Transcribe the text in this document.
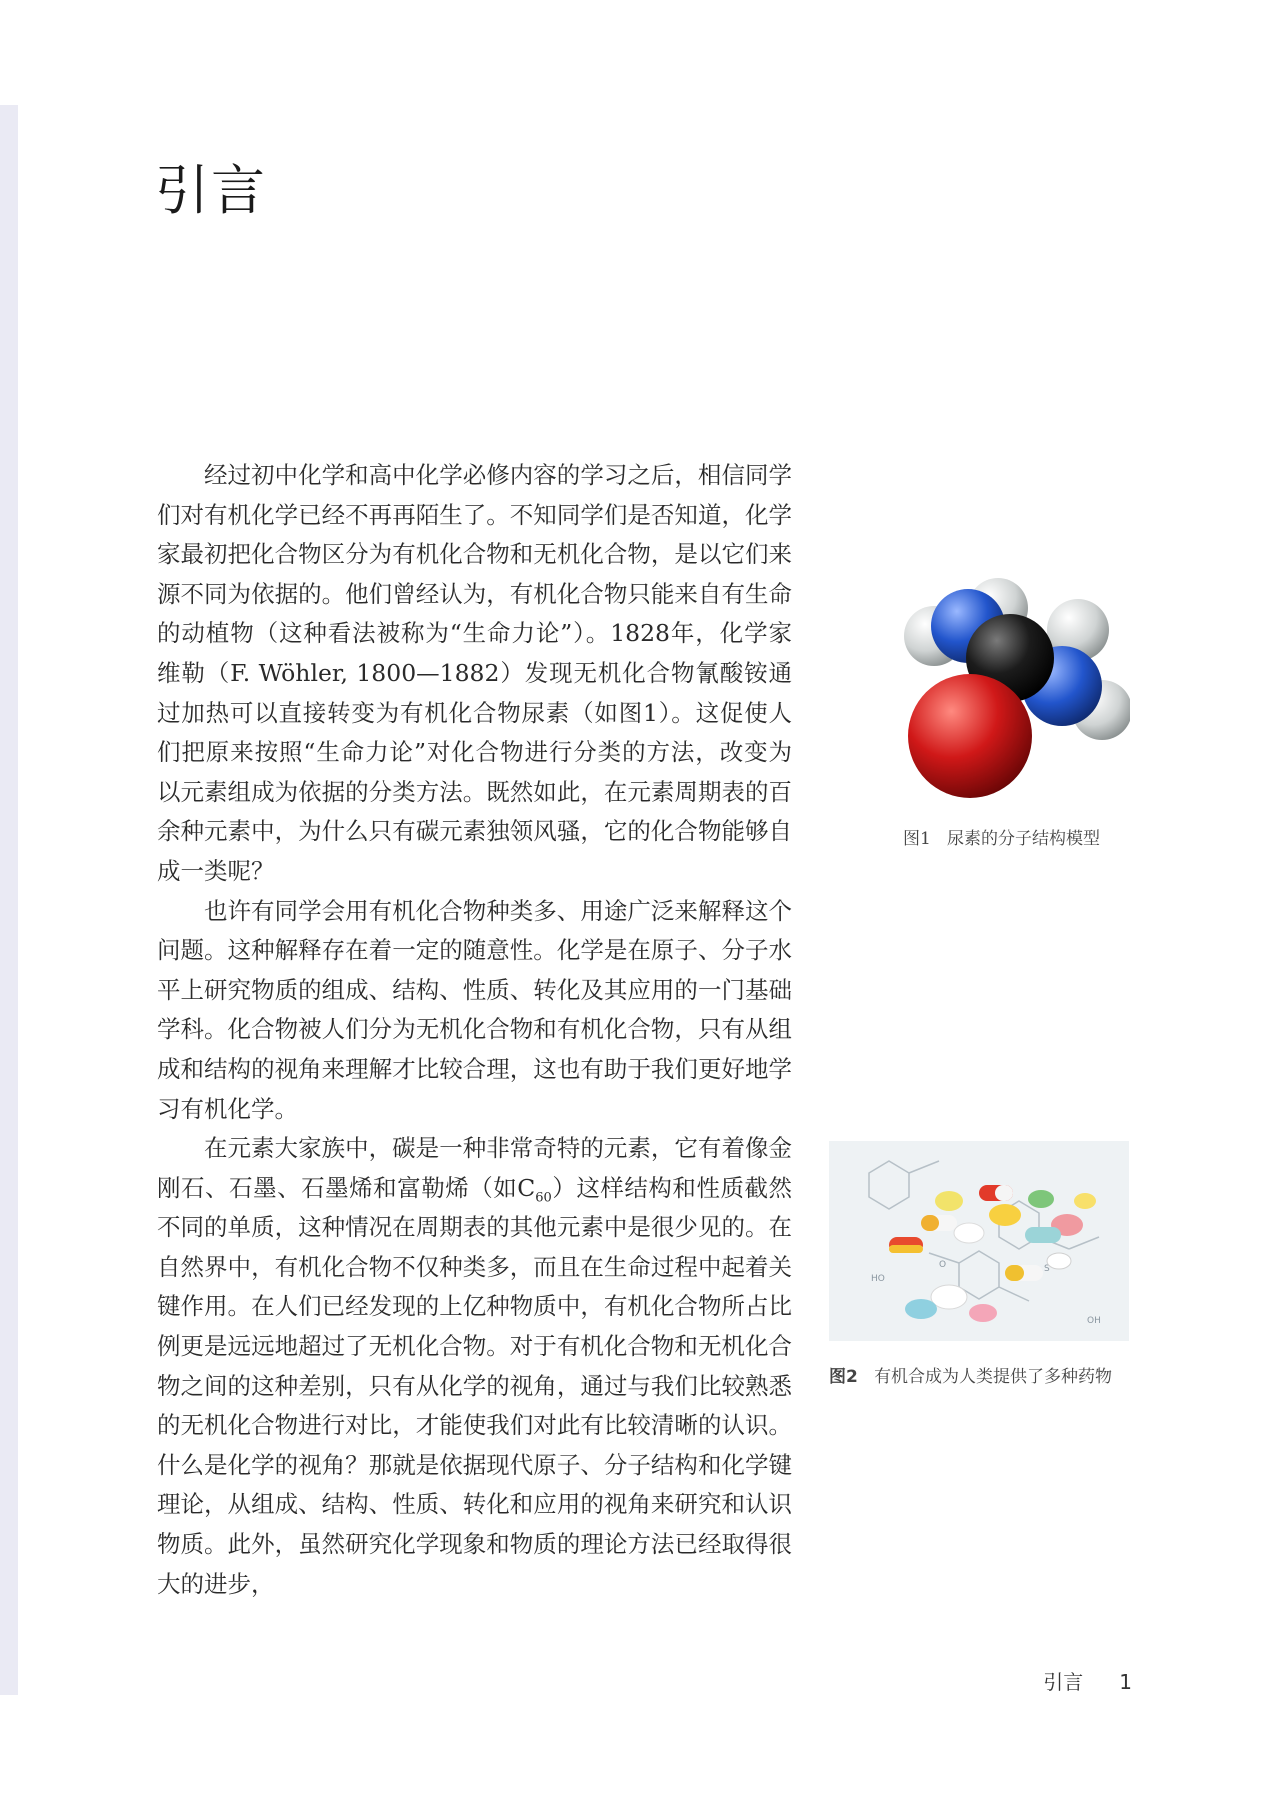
引言

经过初中化学和高中化学必修内容的学习之后，相信同学们对有机化学已经不再再陌生了。不知同学们是否知道，化学家最初把化合物区分为有机化合物和无机化合物，是以它们来源不同为依据的。他们曾经认为，有机化合物只能来自有生命的动植物（这种看法被称为“生命力论”）。1828年，化学家维勒（F. Wöhler, 1800—1882）发现无机化合物氰酸铵通过加热可以直接转变为有机化合物尿素（如图1）。这促使人们把原来按照“生命力论”对化合物进行分类的方法，改变为以元素组成为依据的分类方法。既然如此，在元素周期表的百余种元素中，为什么只有碳元素独领风骚，它的化合物能够自成一类呢？

也许有同学会用有机化合物种类多、用途广泛来解释这个问题。这种解释存在着一定的随意性。化学是在原子、分子水平上研究物质的组成、结构、性质、转化及其应用的一门基础学科。化合物被人们分为无机化合物和有机化合物，只有从组成和结构的视角来理解才比较合理，这也有助于我们更好地学习有机化学。

在元素大家族中，碳是一种非常奇特的元素，它有着像金刚石、石墨、石墨烯和富勒烯（如$C_{60}$）这样结构和性质截然不同的单质，这种情况在周期表的其他元素中是很少见的。在自然界中，有机化合物不仅种类多，而且在生命过程中起着关键作用。在人们已经发现的上亿种物质中，有机化合物所占比例更是远远地超过了无机化合物。对于有机化合物和无机化合物之间的这种差别，只有从化学的视角，通过与我们比较熟悉的无机化合物进行对比，才能使我们对此有比较清晰的认识。什么是化学的视角？那就是依据现代原子、分子结构和化学键理论，从组成、结构、性质、转化和应用的视角来研究和认识物质。此外，虽然研究化学现象和物质的理论方法已经取得很大的进步，

图1 尿素的分子结构模型

HO
O
OH
S

图2 有机合成为人类提供了多种药物

引言 1
